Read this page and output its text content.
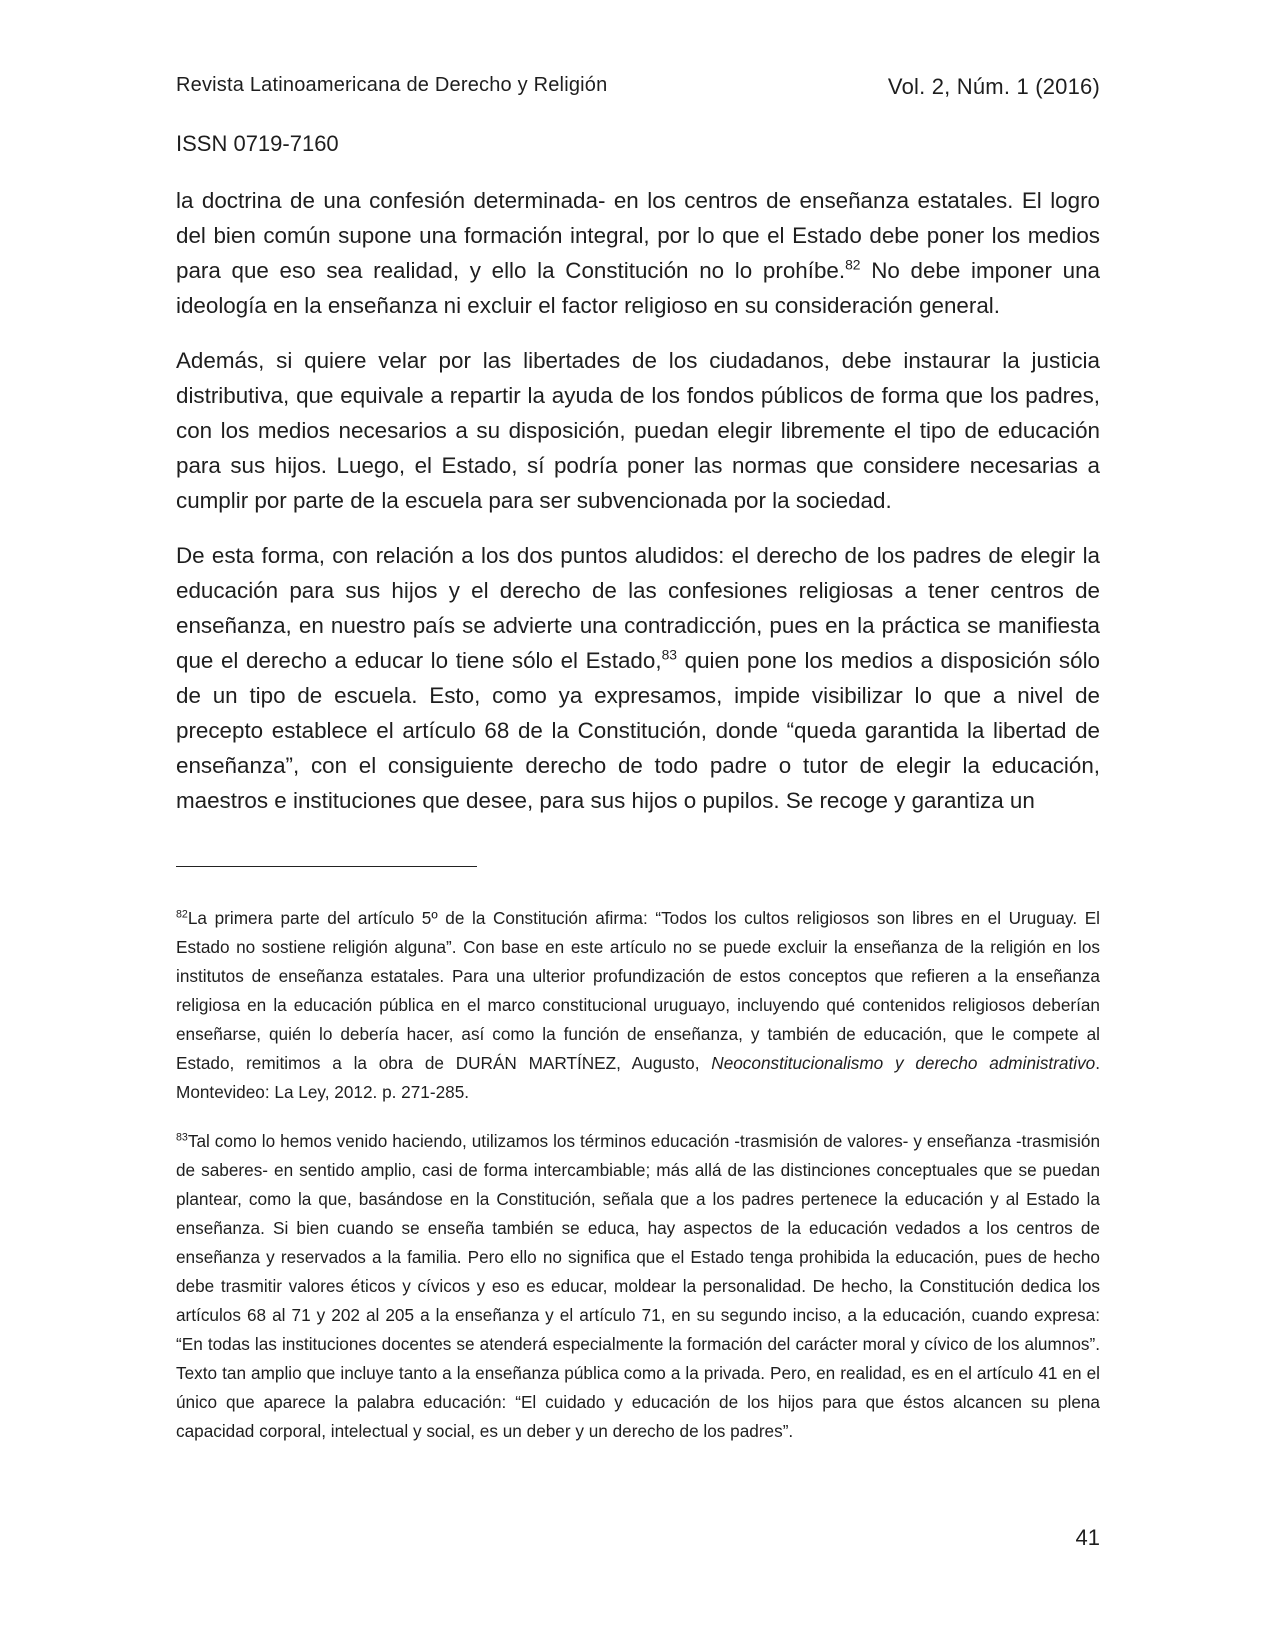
Revista Latinoamericana de Derecho y Religión	Vol. 2, Núm. 1 (2016)
ISSN 0719-7160

la doctrina de una confesión determinada- en los centros de enseñanza estatales. El logro del bien común supone una formación integral, por lo que el Estado debe poner los medios para que eso sea realidad, y ello la Constitución no lo prohíbe.$^{82}$ No debe imponer una ideología en la enseñanza ni excluir el factor religioso en su consideración general.

Además, si quiere velar por las libertades de los ciudadanos, debe instaurar la justicia distributiva, que equivale a repartir la ayuda de los fondos públicos de forma que los padres, con los medios necesarios a su disposición, puedan elegir libremente el tipo de educación para sus hijos. Luego, el Estado, sí podría poner las normas que considere necesarias a cumplir por parte de la escuela para ser subvencionada por la sociedad.

De esta forma, con relación a los dos puntos aludidos: el derecho de los padres de elegir la educación para sus hijos y el derecho de las confesiones religiosas a tener centros de enseñanza, en nuestro país se advierte una contradicción, pues en la práctica se manifiesta que el derecho a educar lo tiene sólo el Estado,$^{83}$ quien pone los medios a disposición sólo de un tipo de escuela. Esto, como ya expresamos, impide visibilizar lo que a nivel de precepto establece el artículo 68 de la Constitución, donde “queda garantida la libertad de enseñanza”, con el consiguiente derecho de todo padre o tutor de elegir la educación, maestros e instituciones que desee, para sus hijos o pupilos. Se recoge y garantiza un

$^{82}$La primera parte del artículo 5º de la Constitución afirma: “Todos los cultos religiosos son libres en el Uruguay. El Estado no sostiene religión alguna”. Con base en este artículo no se puede excluir la enseñanza de la religión en los institutos de enseñanza estatales. Para una ulterior profundización de estos conceptos que refieren a la enseñanza religiosa en la educación pública en el marco constitucional uruguayo, incluyendo qué contenidos religiosos deberían enseñarse, quién lo debería hacer, así como la función de enseñanza, y también de educación, que le compete al Estado, remitimos a la obra de DURÁN MARTÍNEZ, Augusto, Neoconstitucionalismo y derecho administrativo. Montevideo: La Ley, 2012. p. 271-285.

$^{83}$Tal como lo hemos venido haciendo, utilizamos los términos educación -trasmisión de valores- y enseñanza -trasmisión de saberes- en sentido amplio, casi de forma intercambiable; más allá de las distinciones conceptuales que se puedan plantear, como la que, basándose en la Constitución, señala que a los padres pertenece la educación y al Estado la enseñanza. Si bien cuando se enseña también se educa, hay aspectos de la educación vedados a los centros de enseñanza y reservados a la familia. Pero ello no significa que el Estado tenga prohibida la educación, pues de hecho debe trasmitir valores éticos y cívicos y eso es educar, moldear la personalidad. De hecho, la Constitución dedica los artículos 68 al 71 y 202 al 205 a la enseñanza y el artículo 71, en su segundo inciso, a la educación, cuando expresa: “En todas las instituciones docentes se atenderá especialmente la formación del carácter moral y cívico de los alumnos”. Texto tan amplio que incluye tanto a la enseñanza pública como a la privada. Pero, en realidad, es en el artículo 41 en el único que aparece la palabra educación: “El cuidado y educación de los hijos para que éstos alcancen su plena capacidad corporal, intelectual y social, es un deber y un derecho de los padres”.

41
